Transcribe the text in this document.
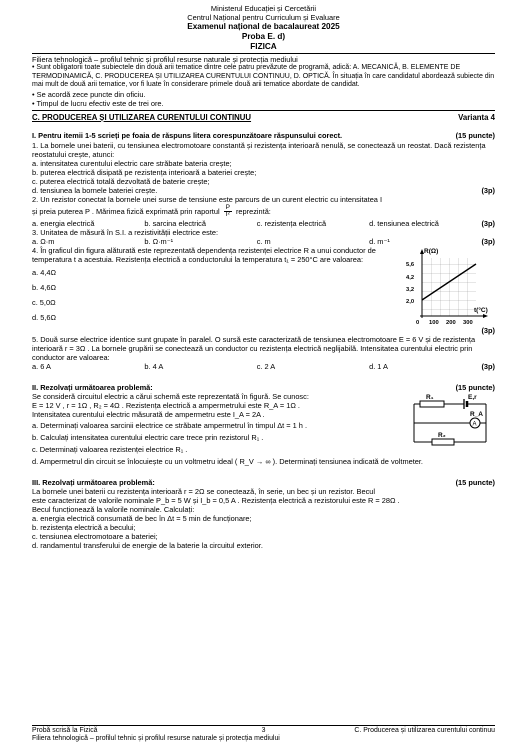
Ministerul Educației și Cercetării
Centrul Național pentru Curriculum și Evaluare
Examenul național de bacalaureat 2025
Proba E. d)
FIZICA
Filiera tehnologică – profilul tehnic și profilul resurse naturale și protecția mediului
• Sunt obligatorii toate subiectele din două arii tematice dintre cele patru prevăzute de programă, adică: A. MECANICĂ, B. ELEMENTE DE TERMODINAMICĂ, C. PRODUCEREA ȘI UTILIZAREA CURENTULUI CONTINUU, D. OPTICĂ. În situația în care candidatul abordează subiecte din mai mult de două arii tematice, vor fi luate în considerare primele două arii tematice abordate de candidat.
• Se acordă zece puncte din oficiu.
• Timpul de lucru efectiv este de trei ore.
C. PRODUCEREA ȘI UTILIZAREA CURENTULUI CONTINUU	Varianta 4
I. Pentru itemii 1-5 scrieți pe foaia de răspuns litera corespunzătoare răspunsului corect.	(15 puncte)
1. La bornele unei baterii, cu tensiunea electromotoare constantă și rezistența interioară nenulă, se conectează un reostat. Dacă rezistența reostatului crește, atunci:
a. intensitatea curentului electric care străbate bateria crește;
b. puterea electrică disipată pe rezistența interioară a bateriei crește;
c. puterea electrică totală dezvoltată de baterie crește;
d. tensiunea la bornele bateriei crește.	(3p)
2. Un rezistor conectat la bornele unei surse de tensiune este parcurs de un curent electric cu intensitatea I
și preia puterea P . Mărimea fizică exprimată prin raportul $\frac{P}{\text{I²}}$ reprezintă:
a. energia electrică	b. sarcina electrică	c. rezistența electrică	d. tensiunea electrică	(3p)
3. Unitatea de măsură în S.I. a rezistivității electrice este:
a. Ω·m	b. Ω·m⁻¹	c. m	d. m⁻¹	(3p)
4. În graficul din figura alăturată este reprezentată dependența rezistenței electrice R a unui conductor de temperatura t a acestuia. Rezistența electrică a conductorului la temperatura t₁ = 250°C are valoarea:
a. 4,4Ω
b. 4,6Ω
c. 5,0Ω
d. 5,6Ω
R(Ω)
t(°C)
5,6
4,2
3,2
2,0
0 100 200 300
(3p)
5. Două surse electrice identice sunt grupate în paralel. O sursă este caracterizată de tensiunea electromotoare E = 6 V și de rezistența interioară r = 3Ω . La bornele grupării se conectează un conductor cu rezistența electrică neglijabilă. Intensitatea curentului electric prin conductor are valoarea:
a. 6 A	b. 4 A	c. 2 A	d. 1 A	(3p)
II. Rezolvați următoarea problemă:	(15 puncte)
Se consideră circuitul electric a cărui schemă este reprezentată în figură. Se cunosc:
E = 12 V , r = 1Ω , R₂ = 4Ω . Rezistența electrică a ampermetrului este R_A = 1Ω .
Intensitatea curentului electric măsurată de ampermetru este I_A = 2A .
a. Determinați valoarea sarcinii electrice ce străbate ampermetrul în timpul Δt = 1 h .
b. Calculați intensitatea curentului electric care trece prin rezistorul R₁ .
c. Determinați valoarea rezistenței electrice R₁ .
A
R₁	E,r
R_A
R₂
d. Ampermetrul din circuit se înlocuiește cu un voltmetru ideal ( R_V → ∞ ). Determinați tensiunea indicată de voltmeter.
III. Rezolvați următoarea problemă:	(15 puncte)
La bornele unei baterii cu rezistența interioară r = 2Ω se conectează, în serie, un bec și un rezistor. Becul
este caracterizat de valorile nominale P_b = 5 W și I_b = 0,5 A . Rezistența electrică a rezistorului este R = 28Ω .
Becul funcționează la valorile nominale. Calculați:
a. energia electrică consumată de bec în Δt = 5 min de funcționare;
b. rezistența electrică a becului;
c. tensiunea electromotoare a bateriei;
d. randamentul transferului de energie de la baterie la circuitul exterior.
Probă scrisă la Fizică	3	C. Producerea și utilizarea curentului continuu
Filiera tehnologică – profilul tehnic și profilul resurse naturale și protecția mediului
